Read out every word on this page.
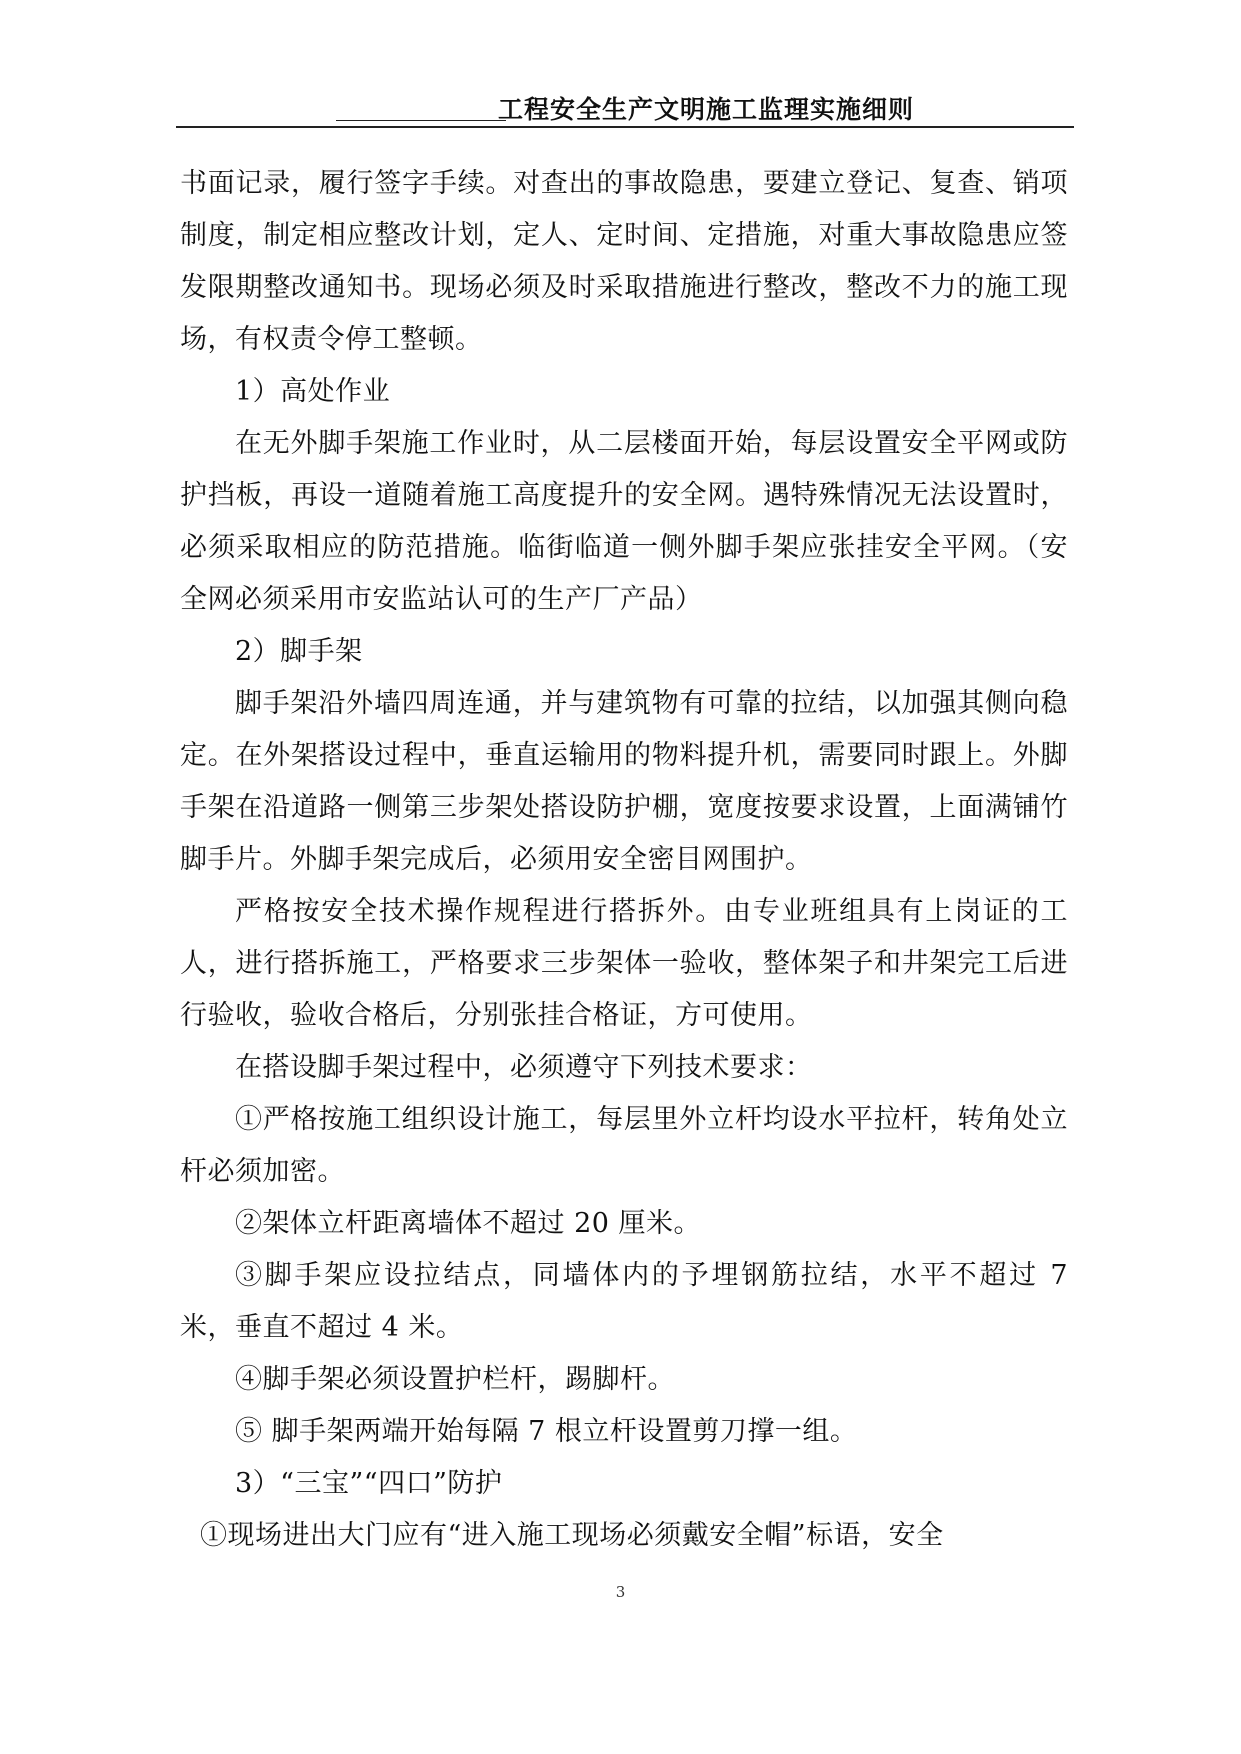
工程安全生产文明施工监理实施细则

书面记录，履行签字手续。对查出的事故隐患，要建立登记、复查、销项制度，制定相应整改计划，定人、定时间、定措施，对重大事故隐患应签发限期整改通知书。现场必须及时采取措施进行整改，整改不力的施工现场，有权责令停工整顿。

1）高处作业

在无外脚手架施工作业时，从二层楼面开始，每层设置安全平网或防护挡板，再设一道随着施工高度提升的安全网。遇特殊情况无法设置时，必须采取相应的防范措施。临街临道一侧外脚手架应张挂安全平网。（安全网必须采用市安监站认可的生产厂产品）

2）脚手架

脚手架沿外墙四周连通，并与建筑物有可靠的拉结，以加强其侧向稳定。在外架搭设过程中，垂直运输用的物料提升机，需要同时跟上。外脚手架在沿道路一侧第三步架处搭设防护棚，宽度按要求设置，上面满铺竹脚手片。外脚手架完成后，必须用安全密目网围护。

严格按安全技术操作规程进行搭拆外。由专业班组具有上岗证的工人，进行搭拆施工，严格要求三步架体一验收，整体架子和井架完工后进行验收，验收合格后，分别张挂合格证，方可使用。

在搭设脚手架过程中，必须遵守下列技术要求：

①严格按施工组织设计施工，每层里外立杆均设水平拉杆，转角处立杆必须加密。

②架体立杆距离墙体不超过 20 厘米。

③脚手架应设拉结点，同墙体内的予埋钢筋拉结，水平不超过 7 米，垂直不超过 4 米。

④脚手架必须设置护栏杆，踢脚杆。

⑤ 脚手架两端开始每隔 7 根立杆设置剪刀撑一组。

3）“三宝”“四口”防护

①现场进出大门应有“进入施工现场必须戴安全帽”标语，安全

3
